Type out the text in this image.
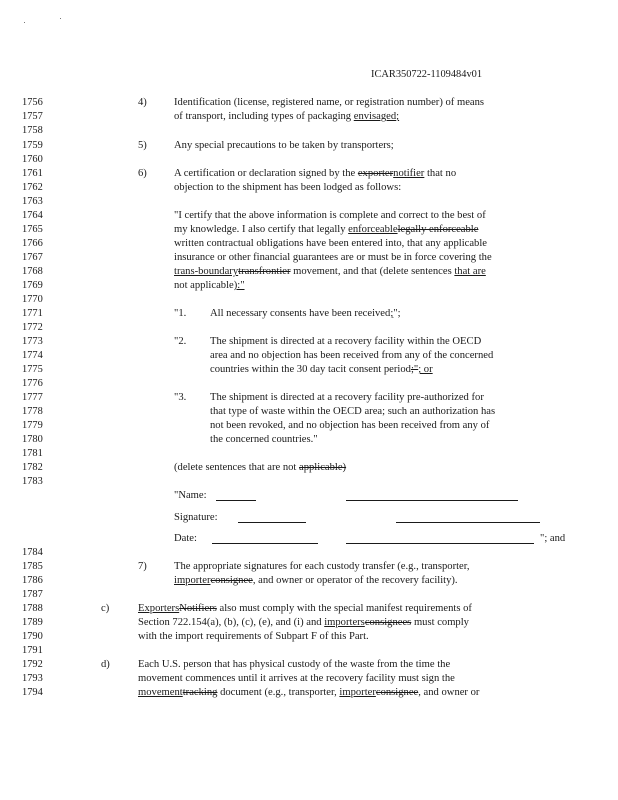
ICAR350722-1109484v01
1756
1757
1758
1759
1760
1761
1762
1763
1764
1765
1766
1767
1768
1769
1770
1771
1772
1773
1774
1775
1776
1777
1778
1779
1780
1781
1782
1783
1784
1785
1786
1787
1788
1789
1790
1791
1792
1793
1794
4)	Identification (license, registered name, or registration number) of means
of transport, including types of packaging envisaged;
5)	Any special precautions to be taken by transporters;
6)	A certification or declaration signed by the exporternotifier that no
objection to the shipment has been lodged as follows:
"I certify that the above information is complete and correct to the best of
my knowledge. I also certify that legally enforceablelegally enforceable
written contractual obligations have been entered into, that any applicable
insurance or other financial guarantees are or must be in force covering the
trans-boundarytransfrontier movement, and that (delete sentences that are
not applicable):"
"1. All necessary consents have been received;";
"2. The shipment is directed at a recovery facility within the OECD
area and no objection has been received from any of the concerned
countries within the 30 day tacit consent period;"; or
"3. The shipment is directed at a recovery facility pre-authorized for
that type of waste within the OECD area; such an authorization has
not been revoked, and no objection has been received from any of
the concerned countries."
(delete sentences that are not applicable)
"Name:
Signature:
Date:	"; and
7)	The appropriate signatures for each custody transfer (e.g., transporter,
importerconsignee, and owner or operator of the recovery facility).
c)	ExportersNotifiers also must comply with the special manifest requirements of
Section 722.154(a), (b), (c), (e), and (i) and importersconsignees must comply
with the import requirements of Subpart F of this Part.
d)	Each U.S. person that has physical custody of the waste from the time the
movement commences until it arrives at the recovery facility must sign the
movementtracking document (e.g., transporter, importerconsignee, and owner or
